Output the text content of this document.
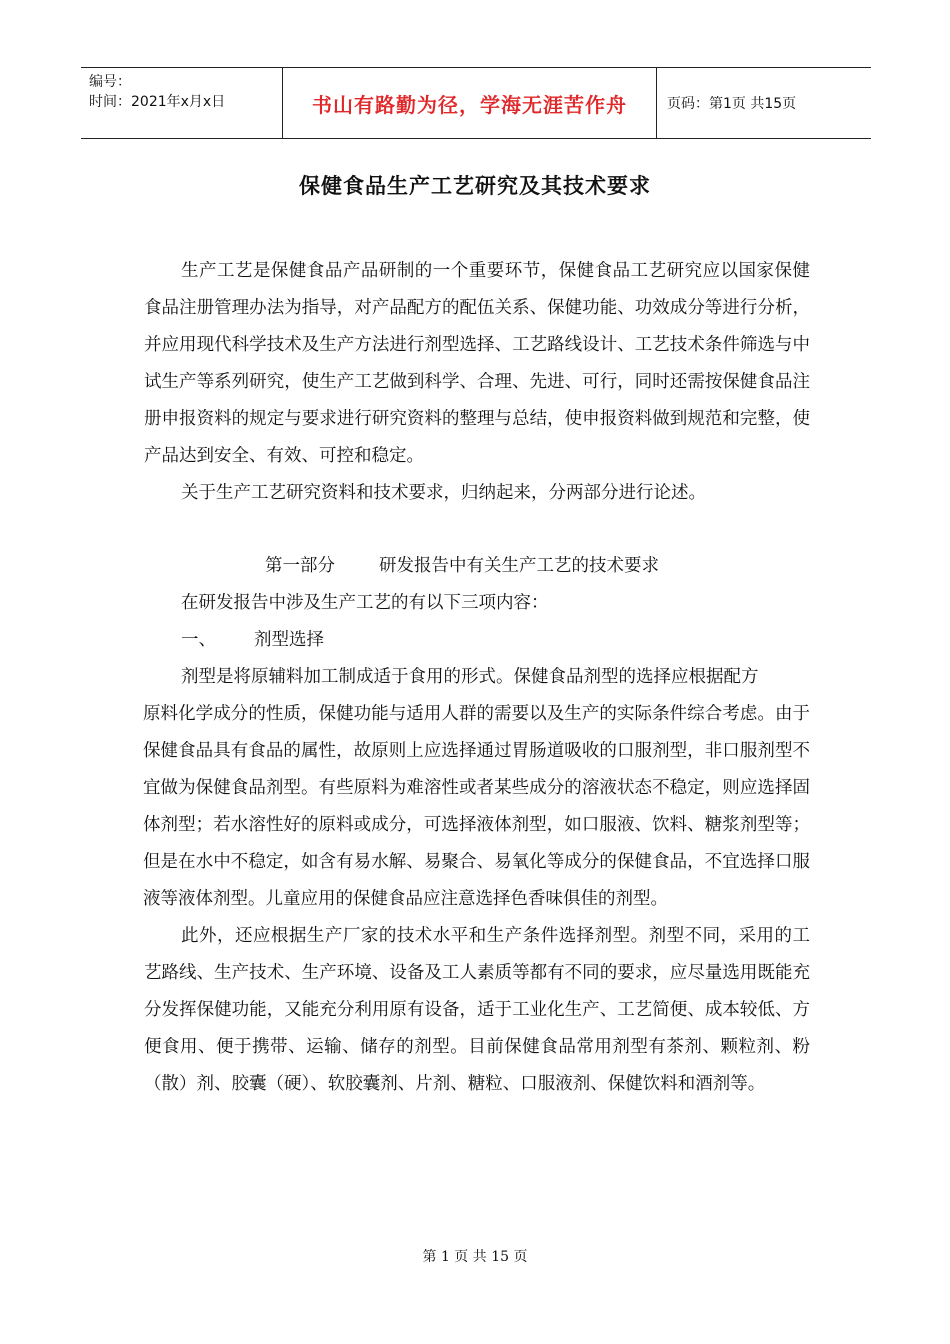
编号：
时间：2021年x月x日	书山有路勤为径，学海无涯苦作舟	页码：第1页 共15页
保健食品生产工艺研究及其技术要求

生产工艺是保健食品产品研制的一个重要环节，保健食品工艺研究应以国家保健食品注册管理办法为指导，对产品配方的配伍关系、保健功能、功效成分等进行分析，并应用现代科学技术及生产方法进行剂型选择、工艺路线设计、工艺技术条件筛选与中试生产等系列研究，使生产工艺做到科学、合理、先进、可行，同时还需按保健食品注册申报资料的规定与要求进行研究资料的整理与总结，使申报资料做到规范和完整，使产品达到安全、有效、可控和稳定。

关于生产工艺研究资料和技术要求，归纳起来，分两部分进行论述。

第一部分	研发报告中有关生产工艺的技术要求

在研发报告中涉及生产工艺的有以下三项内容：

一、 剂型选择

剂型是将原辅料加工制成适于食用的形式。保健食品剂型的选择应根据配方

原料化学成分的性质，保健功能与适用人群的需要以及生产的实际条件综合考虑。由于保健食品具有食品的属性，故原则上应选择通过胃肠道吸收的口服剂型，非口服剂型不宜做为保健食品剂型。有些原料为难溶性或者某些成分的溶液状态不稳定，则应选择固体剂型；若水溶性好的原料或成分，可选择液体剂型，如口服液、饮料、糖浆剂型等；但是在水中不稳定，如含有易水解、易聚合、易氧化等成分的保健食品，不宜选择口服液等液体剂型。儿童应用的保健食品应注意选择色香味俱佳的剂型。

此外，还应根据生产厂家的技术水平和生产条件选择剂型。剂型不同，采用的工艺路线、生产技术、生产环境、设备及工人素质等都有不同的要求，应尽量选用既能充分发挥保健功能，又能充分利用原有设备，适于工业化生产、工艺简便、成本较低、方便食用、便于携带、运输、储存的剂型。目前保健食品常用剂型有茶剂、颗粒剂、粉（散）剂、胶囊（硬）、软胶囊剂、片剂、糖粒、口服液剂、保健饮料和酒剂等。

第 1 页 共 15 页
